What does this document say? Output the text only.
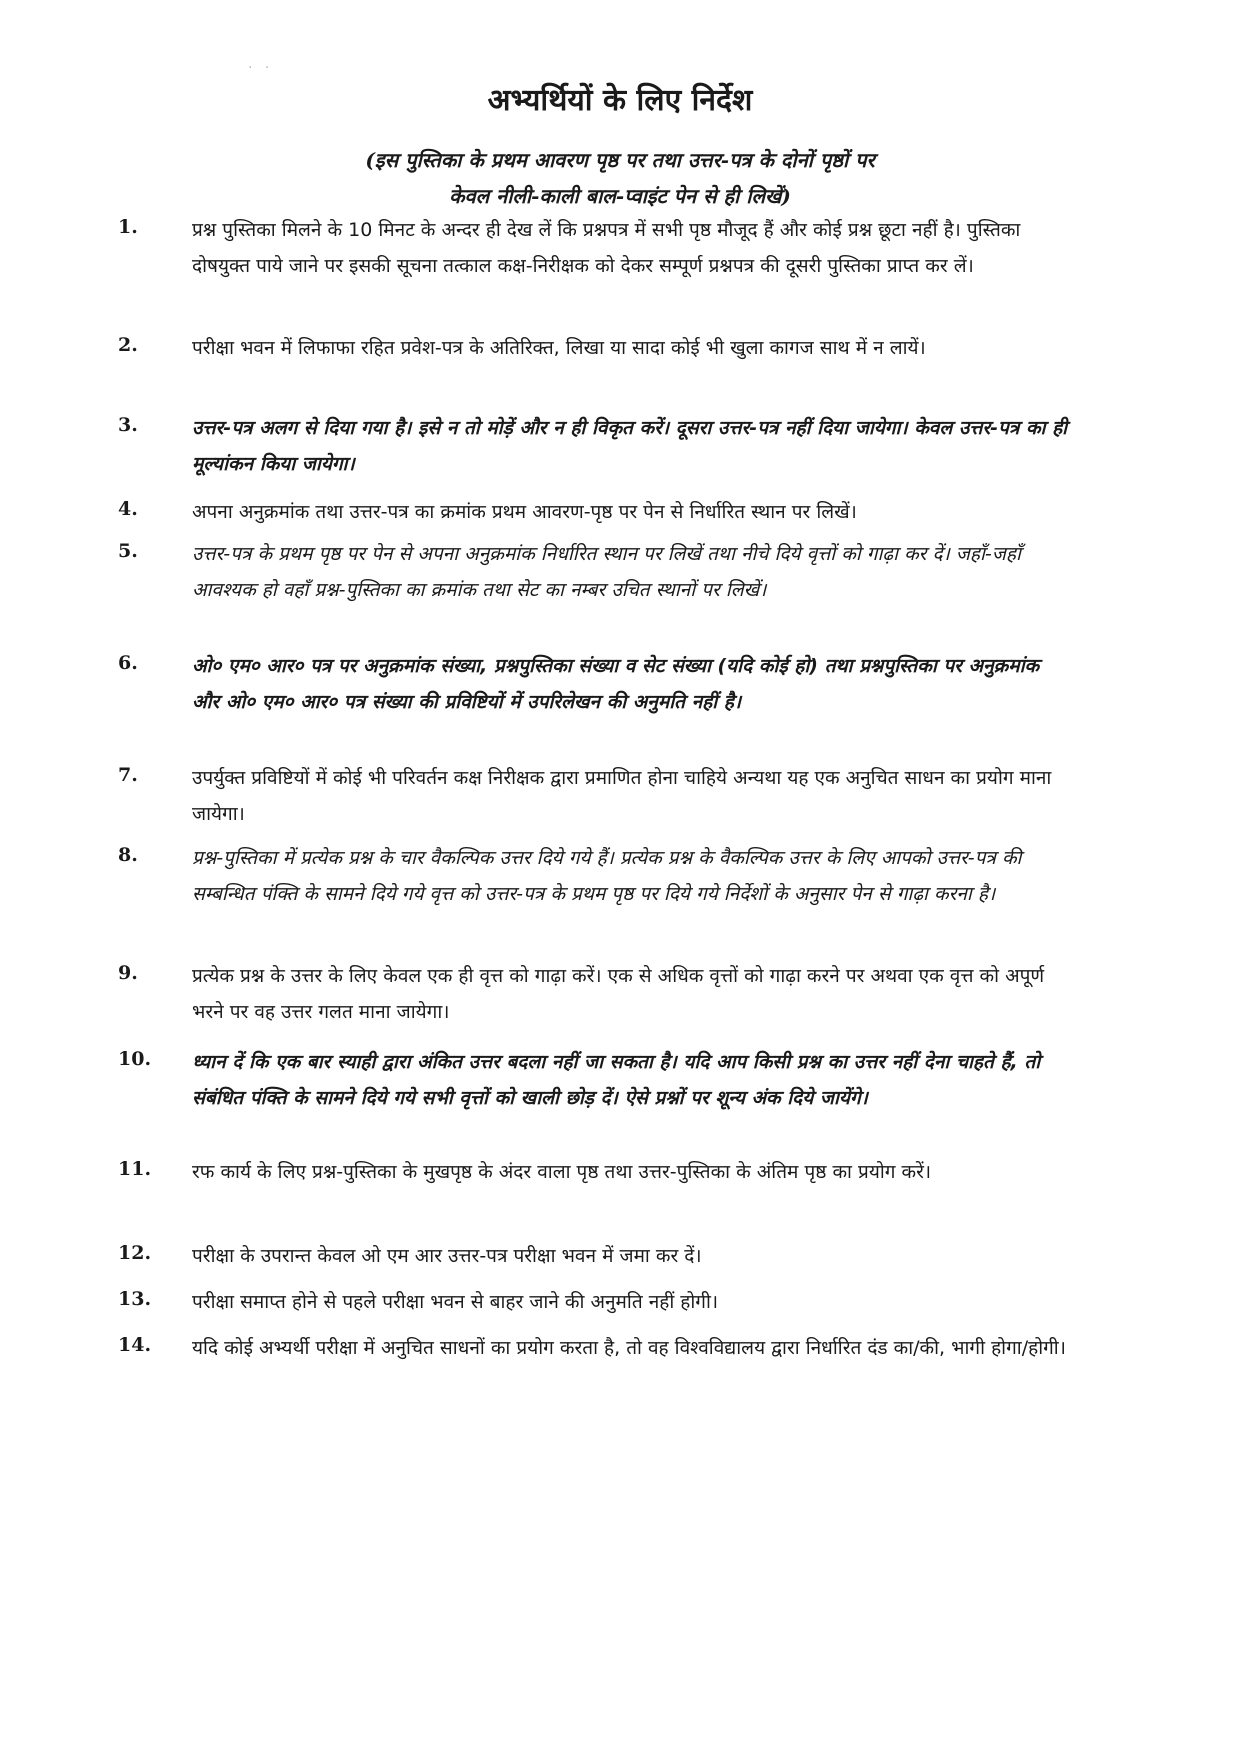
· ·
अभ्यर्थियों के लिए निर्देश
(इस पुस्तिका के प्रथम आवरण पृष्ठ पर तथा उत्तर-पत्र के दोनों पृष्ठों पर
केवल नीली-काली बाल-प्वाइंट पेन से ही लिखें)
1.	प्रश्न पुस्तिका मिलने के 10 मिनट के अन्दर ही देख लें कि प्रश्नपत्र में सभी पृष्ठ मौजूद हैं और कोई प्रश्न छूटा नहीं है। पुस्तिका दोषयुक्त पाये जाने पर इसकी सूचना तत्काल कक्ष-निरीक्षक को देकर सम्पूर्ण प्रश्नपत्र की दूसरी पुस्तिका प्राप्त कर लें।
2.	परीक्षा भवन में लिफाफा रहित प्रवेश-पत्र के अतिरिक्त, लिखा या सादा कोई भी खुला कागज साथ में न लायें।
3.	उत्तर-पत्र अलग से दिया गया है। इसे न तो मोड़ें और न ही विकृत करें। दूसरा उत्तर-पत्र नहीं दिया जायेगा। केवल उत्तर-पत्र का ही मूल्यांकन किया जायेगा।
4.	अपना अनुक्रमांक तथा उत्तर-पत्र का क्रमांक प्रथम आवरण-पृष्ठ पर पेन से निर्धारित स्थान पर लिखें।
5.	उत्तर-पत्र के प्रथम पृष्ठ पर पेन से अपना अनुक्रमांक निर्धारित स्थान पर लिखें तथा नीचे दिये वृत्तों को गाढ़ा कर दें। जहाँ-जहाँ आवश्यक हो वहाँ प्रश्न-पुस्तिका का क्रमांक तथा सेट का नम्बर उचित स्थानों पर लिखें।
6.	ओ० एम० आर० पत्र पर अनुक्रमांक संख्या, प्रश्नपुस्तिका संख्या व सेट संख्या (यदि कोई हो) तथा प्रश्नपुस्तिका पर अनुक्रमांक और ओ० एम० आर० पत्र संख्या की प्रविष्टियों में उपरिलेखन की अनुमति नहीं है।
7.	उपर्युक्त प्रविष्टियों में कोई भी परिवर्तन कक्ष निरीक्षक द्वारा प्रमाणित होना चाहिये अन्यथा यह एक अनुचित साधन का प्रयोग माना जायेगा।
8.	प्रश्न-पुस्तिका में प्रत्येक प्रश्न के चार वैकल्पिक उत्तर दिये गये हैं। प्रत्येक प्रश्न के वैकल्पिक उत्तर के लिए आपको उत्तर-पत्र की सम्बन्धित पंक्ति के सामने दिये गये वृत्त को उत्तर-पत्र के प्रथम पृष्ठ पर दिये गये निर्देशों के अनुसार पेन से गाढ़ा करना है।
9.	प्रत्येक प्रश्न के उत्तर के लिए केवल एक ही वृत्त को गाढ़ा करें। एक से अधिक वृत्तों को गाढ़ा करने पर अथवा एक वृत्त को अपूर्ण भरने पर वह उत्तर गलत माना जायेगा।
10.	ध्यान दें कि एक बार स्याही द्वारा अंकित उत्तर बदला नहीं जा सकता है। यदि आप किसी प्रश्न का उत्तर नहीं देना चाहते हैं, तो संबंधित पंक्ति के सामने दिये गये सभी वृत्तों को खाली छोड़ दें। ऐसे प्रश्नों पर शून्य अंक दिये जायेंगे।
11.	रफ कार्य के लिए प्रश्न-पुस्तिका के मुखपृष्ठ के अंदर वाला पृष्ठ तथा उत्तर-पुस्तिका के अंतिम पृष्ठ का प्रयोग करें।
12.	परीक्षा के उपरान्त केवल ओ एम आर उत्तर-पत्र परीक्षा भवन में जमा कर दें।
13.	परीक्षा समाप्त होने से पहले परीक्षा भवन से बाहर जाने की अनुमति नहीं होगी।
14.	यदि कोई अभ्यर्थी परीक्षा में अनुचित साधनों का प्रयोग करता है, तो वह विश्वविद्यालय द्वारा निर्धारित दंड का/की, भागी होगा/होगी।
